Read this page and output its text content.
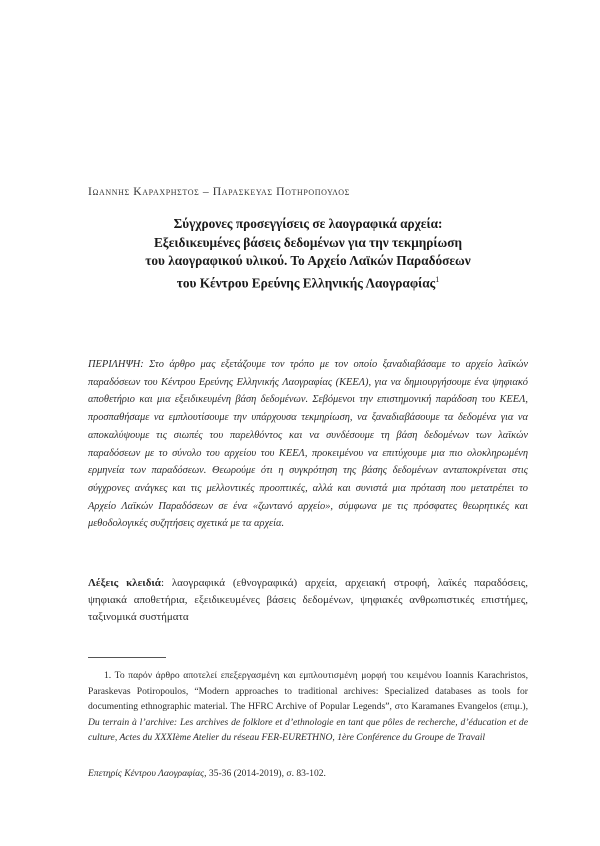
Ιωαννης Καραχρηστος – Παρασκευας Ποτηροπουλος
Σύγχρονες προσεγγίσεις σε λαογραφικά αρχεία:
Εξειδικευμένες βάσεις δεδομένων για την τεκμηρίωση
του λαογραφικού υλικού. Το Αρχείο Λαϊκών Παραδόσεων
του Κέντρου Ερεύνης Ελληνικής Λαογραφίας$^1$
ΠΕΡΙΛΗΨΗ: Στο άρθρο μας εξετάζουμε τον τρόπο με τον οποίο ξαναδιαβάσαμε το αρχείο λαϊκών παραδόσεων του Κέντρου Ερεύνης Ελληνικής Λαογραφίας (ΚΕΕΛ), για να δημιουργήσουμε ένα ψηφιακό αποθετήριο και μια εξειδικευμένη βάση δεδομένων. Σεβόμενοι την επιστημονική παράδοση του ΚΕΕΛ, προσπαθήσαμε να εμπλουτίσουμε την υπάρχουσα τεκμηρίωση, να ξαναδιαβάσουμε τα δεδομένα για να αποκαλύψουμε τις σιωπές του παρελθόντος και να συνδέσουμε τη βάση δεδομένων των λαϊκών παραδόσεων με το σύνολο του αρχείου του ΚΕΕΛ, προκειμένου να επιτύχουμε μια πιο ολοκληρωμένη ερμηνεία των παραδόσεων. Θεωρούμε ότι η συγκρότηση της βάσης δεδομένων ανταποκρίνεται στις σύγχρονες ανάγκες και τις μελλοντικές προοπτικές, αλλά και συνιστά μια πρόταση που μετατρέπει το Αρχείο Λαϊκών Παραδόσεων σε ένα «ζωντανό αρχείο», σύμφωνα με τις πρόσφατες θεωρητικές και μεθοδολογικές συζητήσεις σχετικά με τα αρχεία.
Λέξεις κλειδιά: λαογραφικά (εθνογραφικά) αρχεία, αρχειακή στροφή, λαϊκές παραδόσεις, ψηφιακά αποθετήρια, εξειδικευμένες βάσεις δεδομένων, ψηφιακές ανθρωπιστικές επιστήμες, ταξινομικά συστήματα
1. Το παρόν άρθρο αποτελεί επεξεργασμένη και εμπλουτισμένη μορφή του κειμένου Ioannis Karachristos, Paraskevas Potiropoulos, “Modern approaches to traditional archives: Specialized databases as tools for documenting ethnographic material. The HFRC Archive of Popular Legends”, στο Karamanes Evangelos (επιμ.), Du terrain à l’archive: Les archives de folklore et d’ethnologie en tant que pôles de recherche, d’éducation et de culture, Actes du XXXIème Atelier du réseau FER-EURETHNO, 1ère Conférence du Groupe de Travail
Επετηρίς Κέντρου Λαογραφίας, 35-36 (2014-2019), σ. 83-102.
